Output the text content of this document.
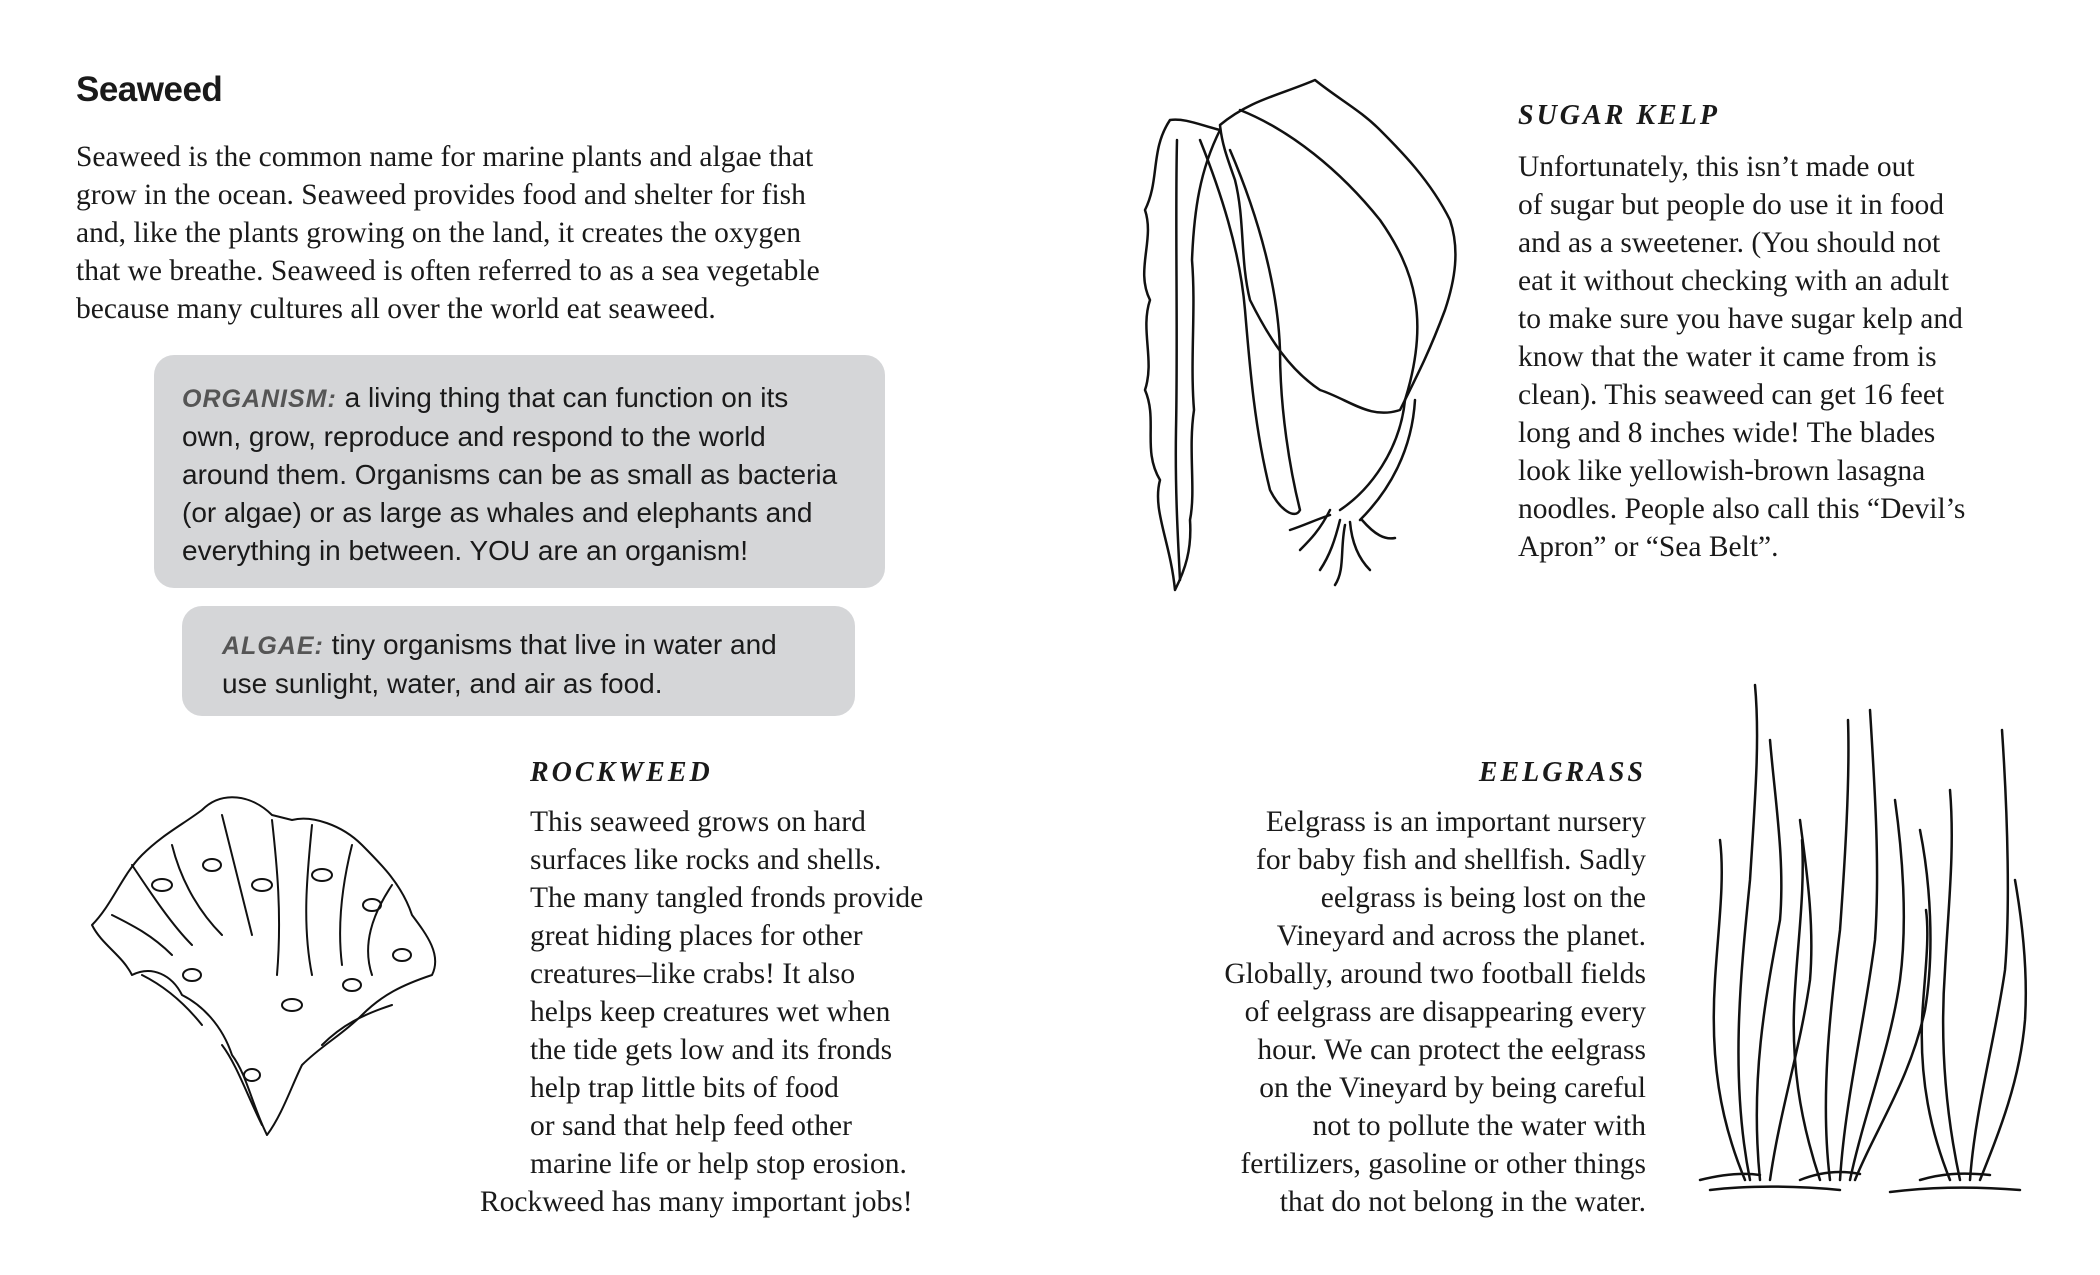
Seaweed
Seaweed is the common name for marine plants and algae that
grow in the ocean. Seaweed provides food and shelter for fish
and, like the plants growing on the land, it creates the oxygen
that we breathe. Seaweed is often referred to as a sea vegetable
because many cultures all over the world eat seaweed.
ORGANISM: a living thing that can function on its
own, grow, reproduce and respond to the world
around them. Organisms can be as small as bacteria
(or algae) or as large as whales and elephants and
everything in between. YOU are an organism!
ALGAE: tiny organisms that live in water and
use sunlight, water, and air as food.
SUGAR KELP
Unfortunately, this isn’t made out
of sugar but people do use it in food
and as a sweetener. (You should not
eat it without checking with an adult
to make sure you have sugar kelp and
know that the water it came from is
clean). This seaweed can get 16 feet
long and 8 inches wide! The blades
look like yellowish-brown lasagna
noodles. People also call this “Devil’s
Apron” or “Sea Belt”.
ROCKWEED
This seaweed grows on hard
surfaces like rocks and shells.
The many tangled fronds provide
great hiding places for other
creatures–like crabs! It also
helps keep creatures wet when
the tide gets low and its fronds
help trap little bits of food
or sand that help feed other
marine life or help stop erosion.
Rockweed has many important jobs!
EELGRASS
Eelgrass is an important nursery
for baby fish and shellfish. Sadly
eelgrass is being lost on the
Vineyard and across the planet.
Globally, around two football fields
of eelgrass are disappearing every
hour. We can protect the eelgrass
on the Vineyard by being careful
not to pollute the water with
fertilizers, gasoline or other things
that do not belong in the water.
